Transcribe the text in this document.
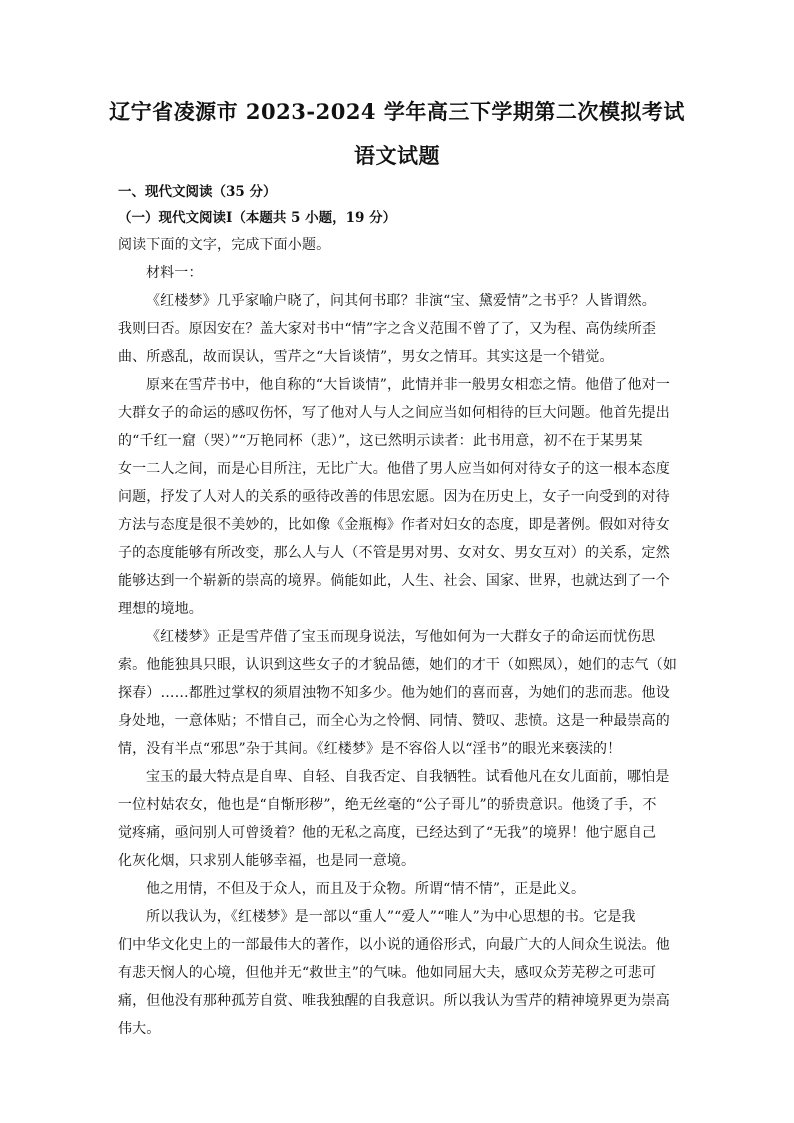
辽宁省凌源市 2023-2024 学年高三下学期第二次模拟考试
语文试题
一、现代文阅读（35 分）
（一）现代文阅读Ⅰ（本题共 5 小题，19 分）
阅读下面的文字，完成下面小题。
材料一：
《红楼梦》几乎家喻户晓了，问其何书耶？非演“宝、黛爱情”之书乎？人皆谓然。
我则曰否。原因安在？盖大家对书中“情”字之含义范围不曾了了，又为程、高伪续所歪
曲、所惑乱，故而误认，雪芹之“大旨谈情”，男女之情耳。其实这是一个错觉。
原来在雪芹书中，他自称的“大旨谈情”，此情并非一般男女相恋之情。他借了他对一
大群女子的命运的感叹伤怀，写了他对人与人之间应当如何相待的巨大问题。他首先提出
的“千红一窟（哭）”“万艳同杯（悲）”，这已然明示读者：此书用意，初不在于某男某
女一二人之间，而是心目所注，无比广大。他借了男人应当如何对待女子的这一根本态度
问题，抒发了人对人的关系的亟待改善的伟思宏愿。因为在历史上，女子一向受到的对待
方法与态度是很不美妙的，比如像《金瓶梅》作者对妇女的态度，即是著例。假如对待女
子的态度能够有所改变，那么人与人（不管是男对男、女对女、男女互对）的关系，定然
能够达到一个崭新的崇高的境界。倘能如此，人生、社会、国家、世界，也就达到了一个
理想的境地。
《红楼梦》正是雪芹借了宝玉而现身说法，写他如何为一大群女子的命运而忧伤思
索。他能独具只眼，认识到这些女子的才貌品德，她们的才干（如熙凤），她们的志气（如
探春）……都胜过掌权的须眉浊物不知多少。他为她们的喜而喜，为她们的悲而悲。他设
身处地，一意体贴；不惜自己，而全心为之怜惘、同情、赞叹、悲愤。这是一种最崇高的
情，没有半点“邪思”杂于其间。《红楼梦》是不容俗人以“淫书”的眼光来亵渎的！
宝玉的最大特点是自卑、自轻、自我否定、自我牺牲。试看他凡在女儿面前，哪怕是
一位村姑农女，他也是“自惭形秽”，绝无丝毫的“公子哥儿”的骄贵意识。他烫了手，不
觉疼痛，亟问别人可曾烫着？他的无私之高度，已经达到了“无我”的境界！他宁愿自己
化灰化烟，只求别人能够幸福，也是同一意境。
他之用情，不但及于众人，而且及于众物。所谓“情不情”，正是此义。
所以我认为，《红楼梦》是一部以“重人”“爱人”“唯人”为中心思想的书。它是我
们中华文化史上的一部最伟大的著作，以小说的通俗形式，向最广大的人间众生说法。他
有悲天悯人的心境，但他并无“救世主”的气味。他如同屈大夫，感叹众芳芜秽之可悲可
痛，但他没有那种孤芳自赏、唯我独醒的自我意识。所以我认为雪芹的精神境界更为崇高
伟大。
